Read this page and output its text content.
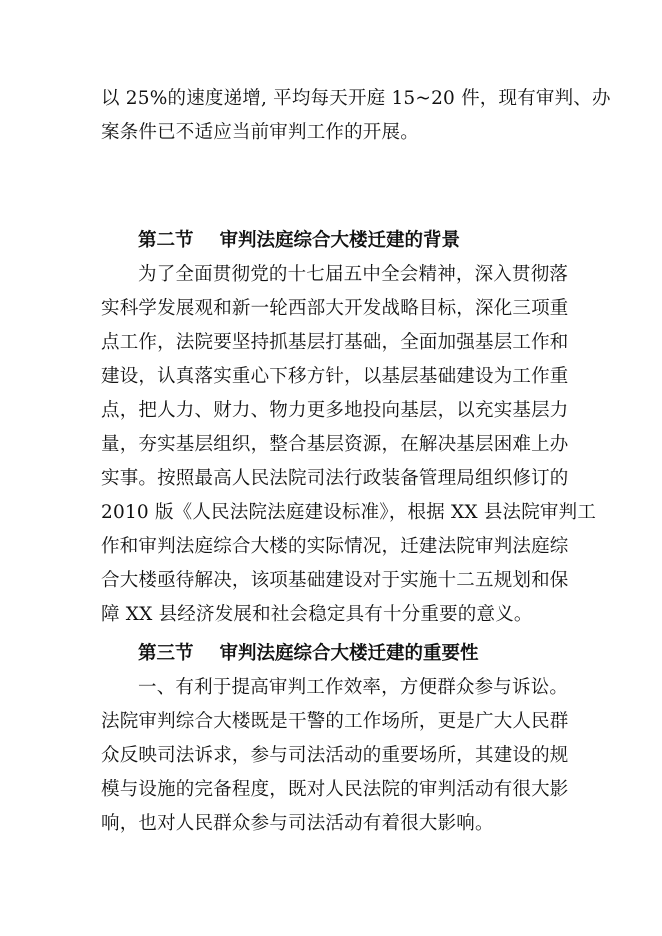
以 25%的速度递增, 平均每天开庭 15~20 件，现有审判、办
案条件已不适应当前审判工作的开展。
第二节 审判法庭综合大楼迁建的背景
为了全面贯彻党的十七届五中全会精神，深入贯彻落
实科学发展观和新一轮西部大开发战略目标，深化三项重
点工作，法院要坚持抓基层打基础，全面加强基层工作和
建设，认真落实重心下移方针，以基层基础建设为工作重
点，把人力、财力、物力更多地投向基层，以充实基层力
量，夯实基层组织，整合基层资源，在解决基层困难上办
实事。按照最高人民法院司法行政装备管理局组织修订的
2010 版《人民法院法庭建设标准》，根据 XX 县法院审判工
作和审判法庭综合大楼的实际情况，迁建法院审判法庭综
合大楼亟待解决，该项基础建设对于实施十二五规划和保
障 XX 县经济发展和社会稳定具有十分重要的意义。
第三节 审判法庭综合大楼迁建的重要性
一、有利于提高审判工作效率，方便群众参与诉讼。
法院审判综合大楼既是干警的工作场所，更是广大人民群
众反映司法诉求，参与司法活动的重要场所，其建设的规
模与设施的完备程度，既对人民法院的审判活动有很大影
响，也对人民群众参与司法活动有着很大影响。
